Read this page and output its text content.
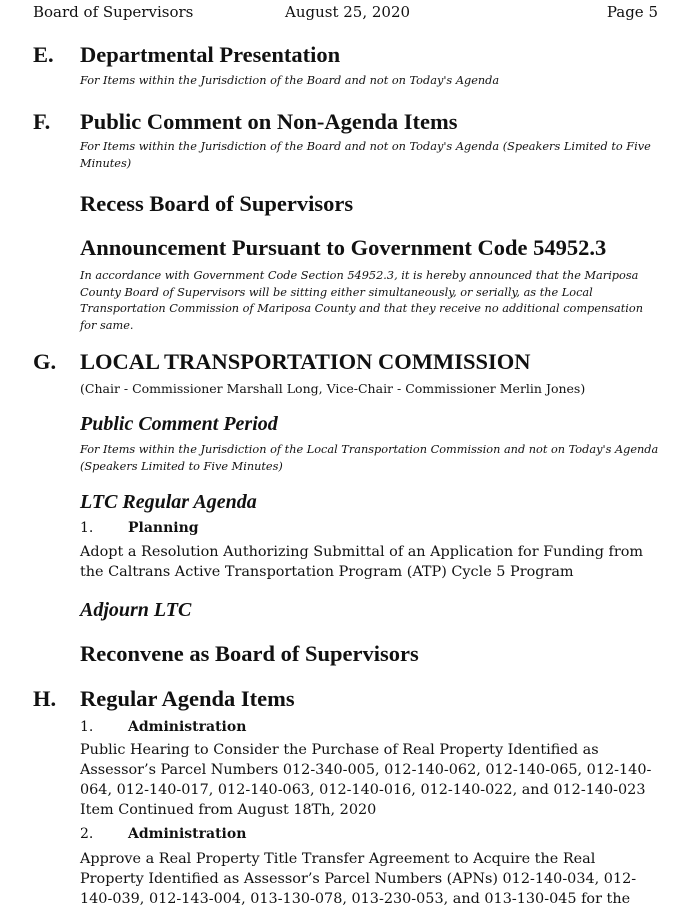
Board of Supervisors	August 25, 2020	Page 5
E. Departmental Presentation
For Items within the Jurisdiction of the Board and not on Today's Agenda
F. Public Comment on Non-Agenda Items
For Items within the Jurisdiction of the Board and not on Today's Agenda (Speakers Limited to Five Minutes)
Recess Board of Supervisors
Announcement Pursuant to Government Code 54952.3
In accordance with Government Code Section 54952.3, it is hereby announced that the Mariposa County Board of Supervisors will be sitting either simultaneously, or serially, as the Local Transportation Commission of Mariposa County and that they receive no additional compensation for same.
G. LOCAL TRANSPORTATION COMMISSION
(Chair - Commissioner Marshall Long, Vice-Chair - Commissioner Merlin Jones)
Public Comment Period
For Items within the Jurisdiction of the Local Transportation Commission and not on Today's Agenda (Speakers Limited to Five Minutes)
LTC Regular Agenda
1. Planning
Adopt a Resolution Authorizing Submittal of an Application for Funding from the Caltrans Active Transportation Program (ATP) Cycle 5 Program
Adjourn LTC
Reconvene as Board of Supervisors
H. Regular Agenda Items
1. Administration
Public Hearing to Consider the Purchase of Real Property Identified as Assessor’s Parcel Numbers 012-340-005, 012-140-062, 012-140-065, 012-140-064, 012-140-017, 012-140-063, 012-140-016, 012-140-022, and 012-140-023 Item Continued from August 18Th, 2020
2. Administration
Approve a Real Property Title Transfer Agreement to Acquire the Real Property Identified as Assessor’s Parcel Numbers (APNs) 012-140-034, 012-140-039, 012-143-004, 013-130-078, 013-230-053, and 013-130-045 for the
